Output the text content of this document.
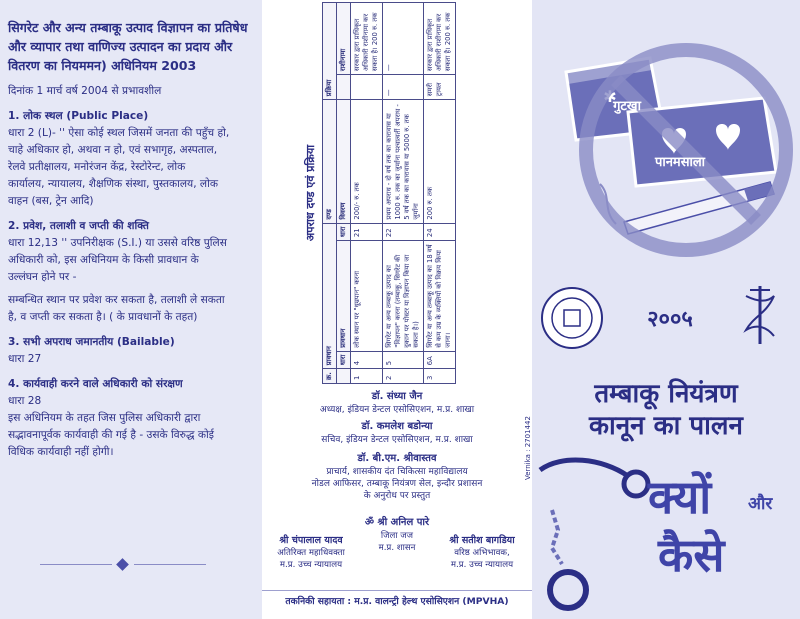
सिगरेट और अन्य तम्बाकू उत्पाद विज्ञापन का प्रतिषेध और व्यापार तथा वाणिज्य उत्पादन का प्रदाय और वितरण का नियममन) अधिनियम 2003

दिनांक 1 मार्च वर्ष 2004 से प्रभावशील

1. लोक स्थल (Public Place)

धारा 2 (L)- '' ऐसा कोई स्थल जिसमें जनता की पहुँच हो,

चाहे अधिकार हो, अथवा न हो, एवं सभागृह, अस्पताल,

रेलवे प्रतीक्षालय, मनोरंजन केंद्र, रेस्टोरेन्ट, लोक

कार्यालय, न्यायालय, शैक्षणिक संस्था, पुस्तकालय, लोक

वाहन (बस, ट्रेन आदि)

2. प्रवेश, तलाशी व जप्ती की शक्ति

धारा 12,13 '' उपनिरीक्षक (S.I.) या उससे वरिष्ठ पुलिस

अधिकारी को, इस अधिनियम के किसी प्रावधान के

उल्लंघन होने पर -

सम्बन्धित स्थान पर प्रवेश कर सकता है, तलाशी ले सकता

है, व जप्ती कर सकता है। ( के प्रावधानों के तहत)

3. सभी अपराध जमानतीय (Bailable)

धारा 27

4. कार्यवाही करने वाले अधिकारी को संरक्षण

धारा 28

इस अधिनियम के तहत जिस पुलिस अधिकारी द्वारा

सद्भावनापूर्वक कार्यवाही की गई है - उसके विरुद्ध कोई

विधिक कार्यवाही नहीं होगी।

अपराध दण्ड एवं प्रक्रिया
क्र.	प्रावधान			दण्ड	प्रक्रिया	
	धारा	प्रावधान	धारा	विवरण		राशीनामा
1	4	लोक स्थान पर "धूम्रपान" करना	21	200/- रु. तक		सरकार द्वारा प्राधिकृत अधिकारी राशीनामा कर सकता है। 200 रु. तक
2	5	सिगरेट या अन्य तम्बाकू उत्पाद का "विज्ञापन" करना (तम्बाकू, सिगरेट की दुकान पर पोस्टर या विज्ञापन किया जा सकता है।)	22	प्रथम अपराध - दो वर्ष तक का कारावास या 1000 रु. तक का जुर्माना पश्चात्वर्ती अपराध - 5 वर्ष तक का कारावास या 5000 रु. तक जुर्माना	—	—
3	6A	सिगरेट या अन्य तम्बाकू उत्पाद का 18 वर्ष से कम उम्र के व्यक्तियों को विक्रय किया जाना।	24	200 रु. तक	समरी ट्रायल	सरकार द्वारा प्राधिकृत अधिकारी राशीनामा कर सकता है। 200 रु. तक
डॉ. संध्या जैन
अध्यक्ष, इंडियन डेन्टल एसोसिएशन, म.प्र. शाखा
डॉ. कमलेश बडोन्या
सचिव, इंडियन डेन्टल एसोसिएशन, म.प्र. शाखा
डॉ. बी.एम. श्रीवास्तव
प्राचार्य, शासकीय दंत चिकित्सा महाविद्यालय
नोडल आफिसर, तम्बाकू नियंत्रण सेल, इन्दौर प्रशासन
के अनुरोध पर प्रस्तुत
ॐ श्री अनिल पारे
जिला जज
म.प्र. शासन
श्री चंपालाल यादव
अतिरिक्त महाधिवक्ता
म.प्र. उच्च न्यायालय
श्री सतीश बागडिया
वरिष्ठ अभिभावक,
म.प्र. उच्च न्यायालय
तकनिकी सहायता : म.प्र. वालन्ट्री हेल्थ एसोसिएशन (MPVHA)
Vernika : 2701442
✱
गुटखा
पानमसाला
२००५
तम्बाकू नियंत्रण
कानून का पालन
क्यों और
कैसे
